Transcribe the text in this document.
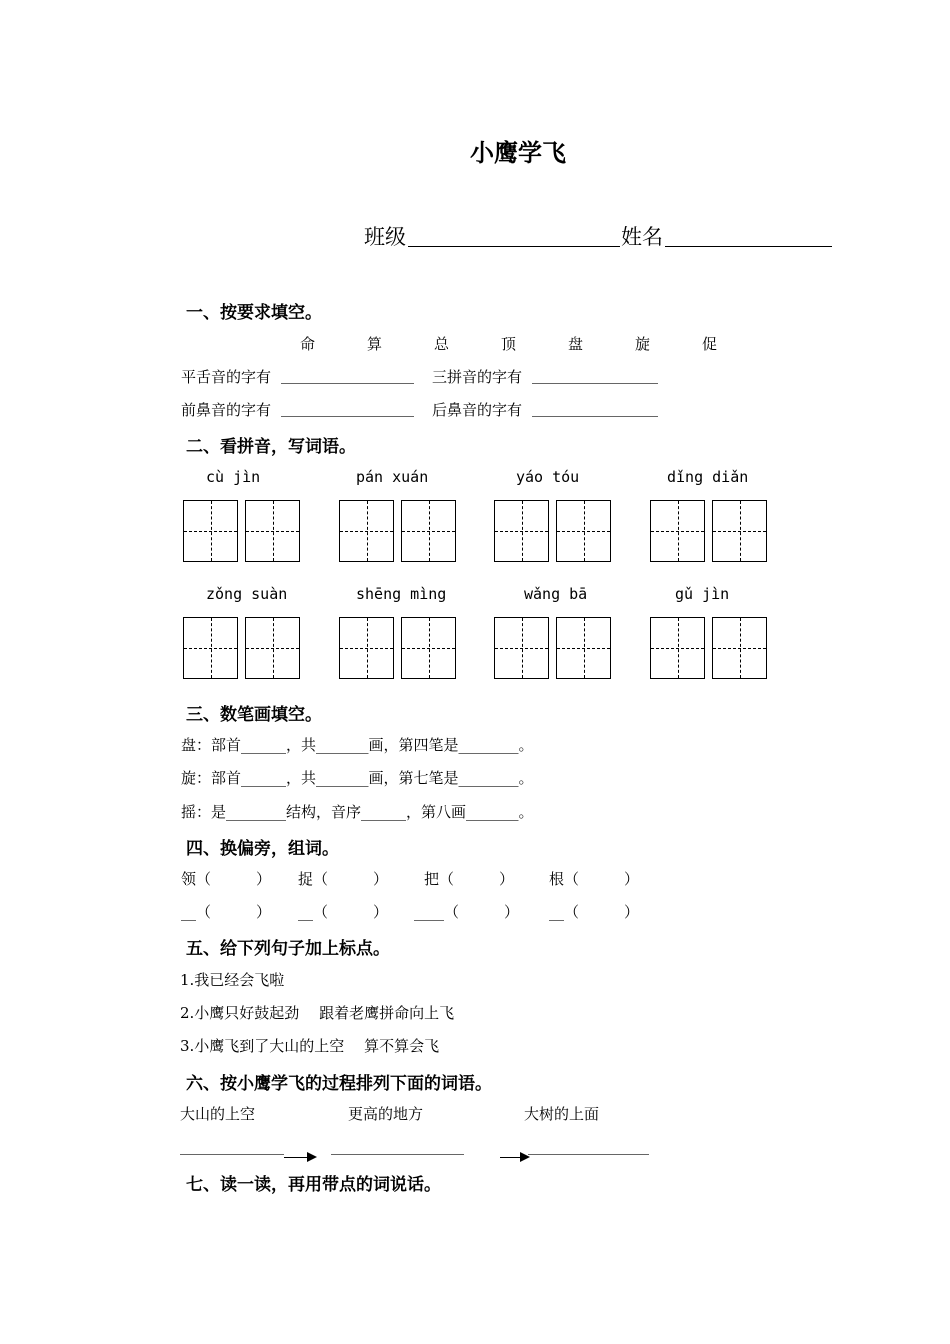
小鹰学飞
班级	姓名
一、按要求填空。
命	算	总	顶	盘	旋	促
平舌音的字有	三拼音的字有
前鼻音的字有	后鼻音的字有
二、看拼音，写词语。
cù jìn	pán xuán	yáo tóu	dǐng diǎn
zǒng suàn	shēng mìng	wǎng bā	gǔ jìn
三、数笔画填空。
盘：部首______，共_______画，第四笔是________。
旋：部首______，共_______画，第七笔是________。
摇：是________结构，音序______，第八画_______。
四、换偏旁，组词。
领（　　　） 捉（　　　） 把（　　　） 根（　　　）
__（　　　） __（　　　） ____（　　　） __（　　　）
五、给下列句子加上标点。
1.我已经会飞啦
2.小鹰只好鼓起劲　 跟着老鹰拼命向上飞
3.小鹰飞到了大山的上空　 算不算会飞
六、按小鹰学飞的过程排列下面的词语。
大山的上空	更高的地方	大树的上面
七、读一读，再用带点的词说话。
